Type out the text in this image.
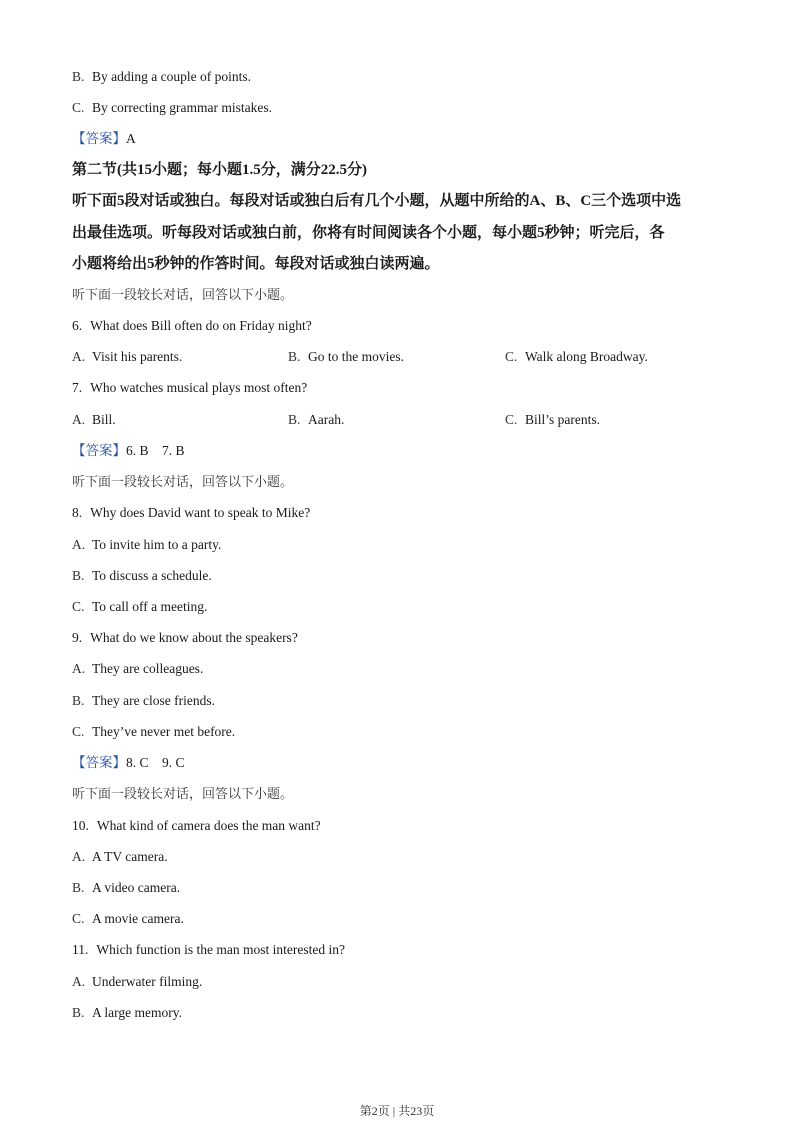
B. By adding a couple of points.
C. By correcting grammar mistakes.
【答案】A
第二节(共15小题；每小题1.5分，满分22.5分)
听下面5段对话或独白。每段对话或独白后有几个小题，从题中所给的A、B、C三个选项中选
出最佳选项。听每段对话或独白前，你将有时间阅读各个小题，每小题5秒钟；听完后，各
小题将给出5秒钟的作答时间。每段对话或独白读两遍。
听下面一段较长对话，回答以下小题。
6. What does Bill often do on Friday night?
A. Visit his parents.	B. Go to the movies.	C. Walk along Broadway.
7. Who watches musical plays most often?
A. Bill.	B. Aarah.	C. Bill’s parents.
【答案】6. B    7. B
听下面一段较长对话，回答以下小题。
8. Why does David want to speak to Mike?
A. To invite him to a party.
B. To discuss a schedule.
C. To call off a meeting.
9. What do we know about the speakers?
A. They are colleagues.
B. They are close friends.
C. They’ve never met before.
【答案】8. C    9. C
听下面一段较长对话，回答以下小题。
10. What kind of camera does the man want?
A. A TV camera.
B. A video camera.
C. A movie camera.
11. Which function is the man most interested in?
A. Underwater filming.
B. A large memory.
第2页 | 共23页
